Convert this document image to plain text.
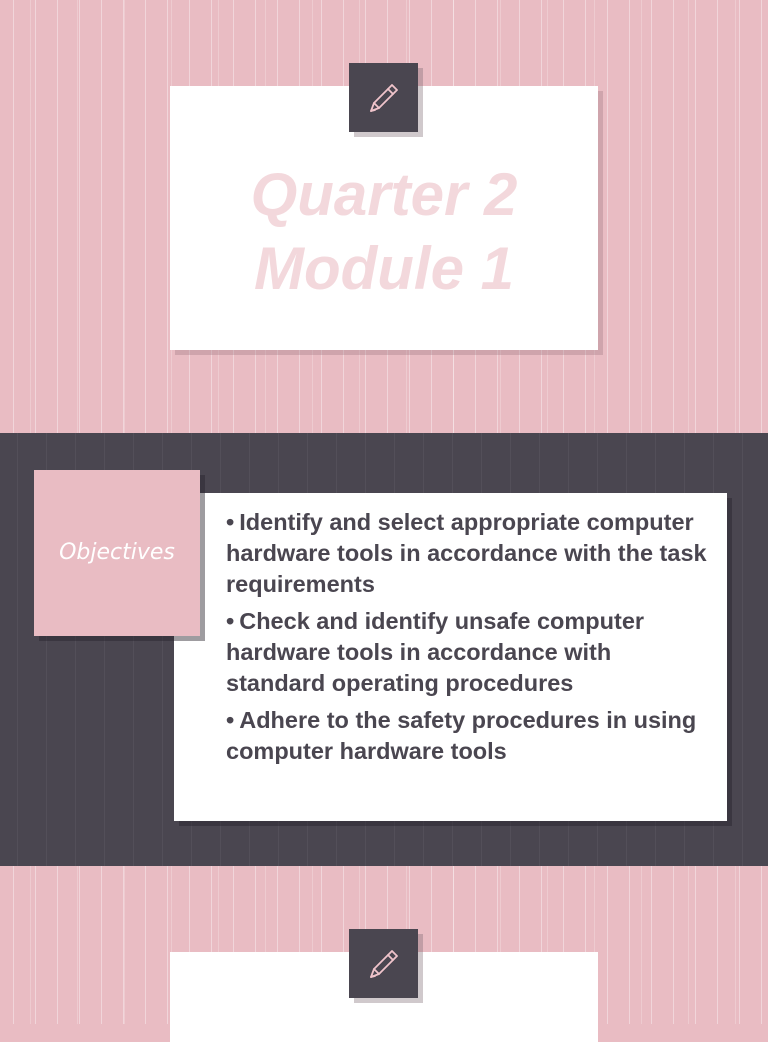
Quarter 2
Module 1
Objectives
• Identify and select appropriate computer hardware tools in accordance with the task requirements
• Check and identify unsafe computer hardware tools in accordance with standard operating procedures
• Adhere to the safety procedures in using computer hardware tools
